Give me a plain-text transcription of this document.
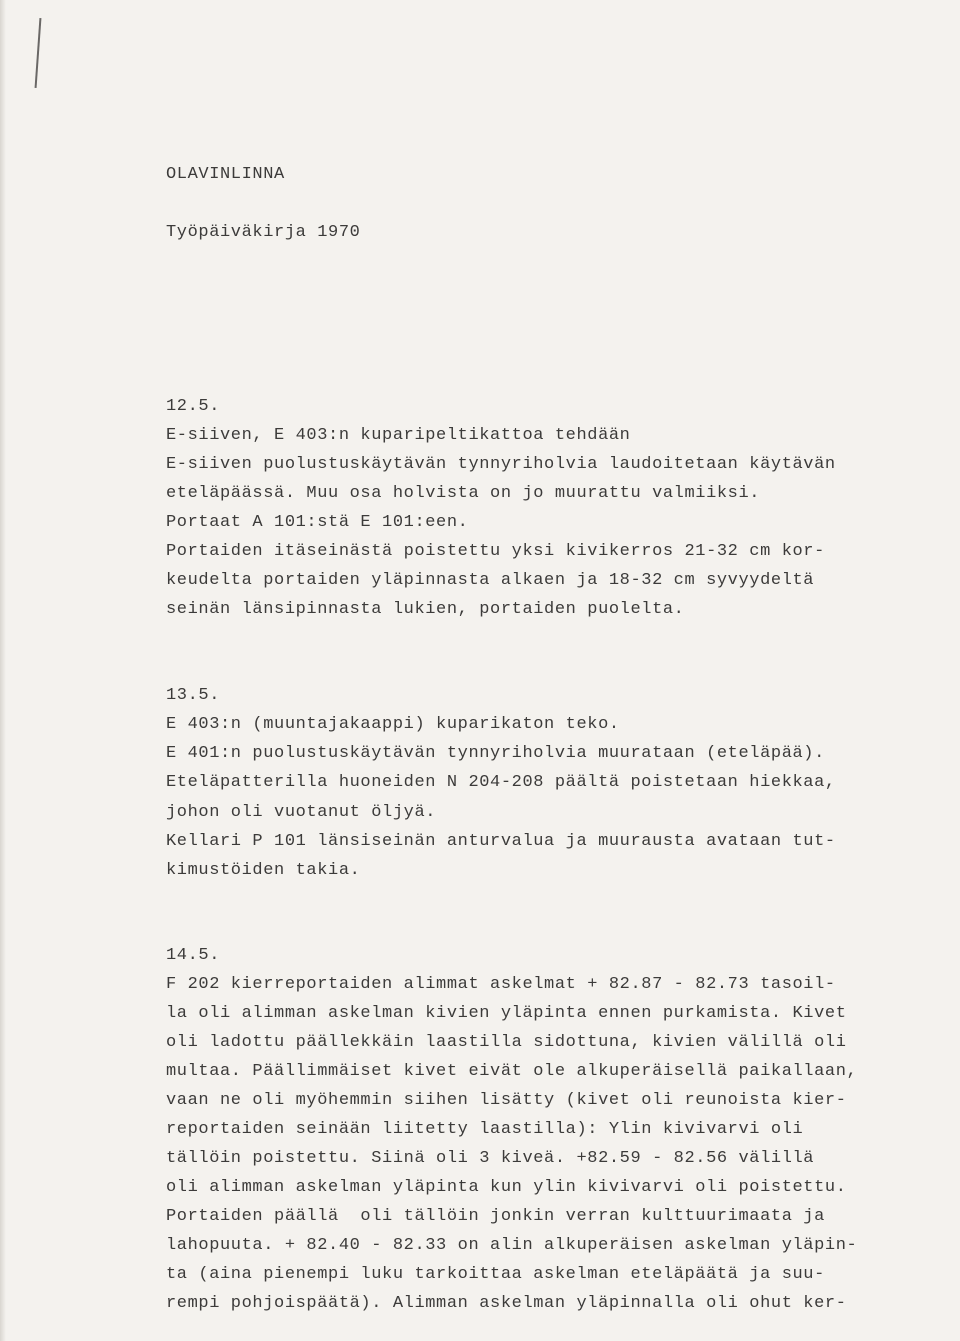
OLAVINLINNA
Työpäiväkirja 1970
12.5.
E-siiven, E 403:n kuparipeltikattoa tehdään
E-siiven puolustuskäytävän tynnyriholvia laudoitetaan käytävän
eteläpäässä. Muu osa holvista on jo muurattu valmiiksi.
Portaat A 101:stä E 101:een.
Portaiden itäseinästä poistettu yksi kivikerros 21-32 cm kor-
keudelta portaiden yläpinnasta alkaen ja 18-32 cm syvyydeltä
seinän länsipinnasta lukien, portaiden puolelta.
13.5.
E 403:n (muuntajakaappi) kuparikaton teko.
E 401:n puolustuskäytävän tynnyriholvia muurataan (eteläpää).
Eteläpatterilla huoneiden N 204-208 päältä poistetaan hiekkaa,
johon oli vuotanut öljyä.
Kellari P 101 länsiseinän anturvalua ja muurausta avataan tut-
kimustöiden takia.
14.5.
F 202 kierreportaiden alimmat askelmat + 82.87 - 82.73 tasoil-
la oli alimman askelman kivien yläpinta ennen purkamista. Kivet
oli ladottu päällekkäin laastilla sidottuna, kivien välillä oli
multaa. Päällimmäiset kivet eivät ole alkuperäisellä paikallaan,
vaan ne oli myöhemmin siihen lisätty (kivet oli reunoista kier-
reportaiden seinään liitetty laastilla): Ylin kivivarvi oli
tällöin poistettu. Siinä oli 3 kiveä. +82.59 - 82.56 välillä
oli alimman askelman yläpinta kun ylin kivivarvi oli poistettu.
Portaiden päällä  oli tällöin jonkin verran kulttuurimaata ja
lahopuuta. + 82.40 - 82.33 on alin alkuperäisen askelman yläpin-
ta (aina pienempi luku tarkoittaa askelman eteläpäätä ja suu-
rempi pohjoispäätä). Alimman askelman yläpinnalla oli ohut ker-
